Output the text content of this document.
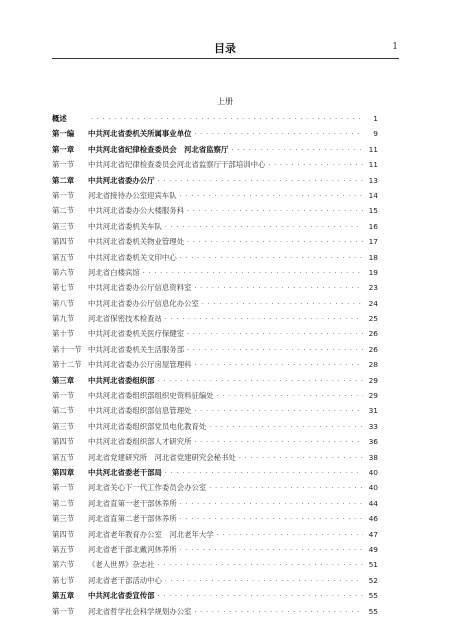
目录	1
上册
概述 · · ·	1
第一编	中共河北省委机关所属事业单位 · · ·	9
第一章	中共河北省纪律检查委员会　河北省监察厅 · · ·	11
第一节	中共河北省纪律检查委员会河北省监察厅干部培训中心 · · ·	11
第二章	中共河北省委办公厅 · · ·	13
第一节	河北省接待办公室迎宾车队 · · ·	14
第二节	中共河北省委办公大楼服务科 · · ·	15
第三节	中共河北省委机关车队 · · ·	16
第四节	中共河北省委机关物业管理处 · · ·	17
第五节	中共河北省委机关文印中心 · · ·	18
第六节	河北省白楼宾馆 · · ·	19
第七节	中共河北省委办公厅信息资料室 · · ·	23
第八节	中共河北省委办公厅信息化办公室 · · ·	24
第九节	河北省保密技术检查站 · · ·	25
第十节	中共河北省委机关医疗保健室 · · ·	26
第十一节 中共河北省委机关生活服务部 · · ·	26
第十二节 中共河北省委办公厅房屋管理科 · · ·	28
第三章	中共河北省委组织部 · · ·	29
第一节	中共河北省委组织部组织史资料征编处 · · ·	29
第二节	中共河北省委组织部信息管理处 · · ·	31
第三节	中共河北省委组织部党员电化教育处 · · ·	33
第四节	中共河北省委组织部人才研究所 · · ·	36
第五节	河北省党建研究所　河北省党建研究会秘书处 · · ·	38
第四章	中共河北省委老干部局 · · ·	40
第一节	河北省关心下一代工作委员会办公室 · · ·	40
第二节	河北省直第一老干部休养所 · · ·	44
第三节	河北省直第二老干部休养所 · · ·	46
第四节	河北省老年教育办公室　河北老年大学 · · ·	47
第五节	河北省老干部北戴河休养所 · · ·	49
第六节	《老人世界》杂志社 · · ·	51
第七节	河北省老干部活动中心 · · ·	52
第五章	中共河北省委宣传部 · · ·	55
第一节	河北省哲学社会科学规划办公室 · · ·	55
